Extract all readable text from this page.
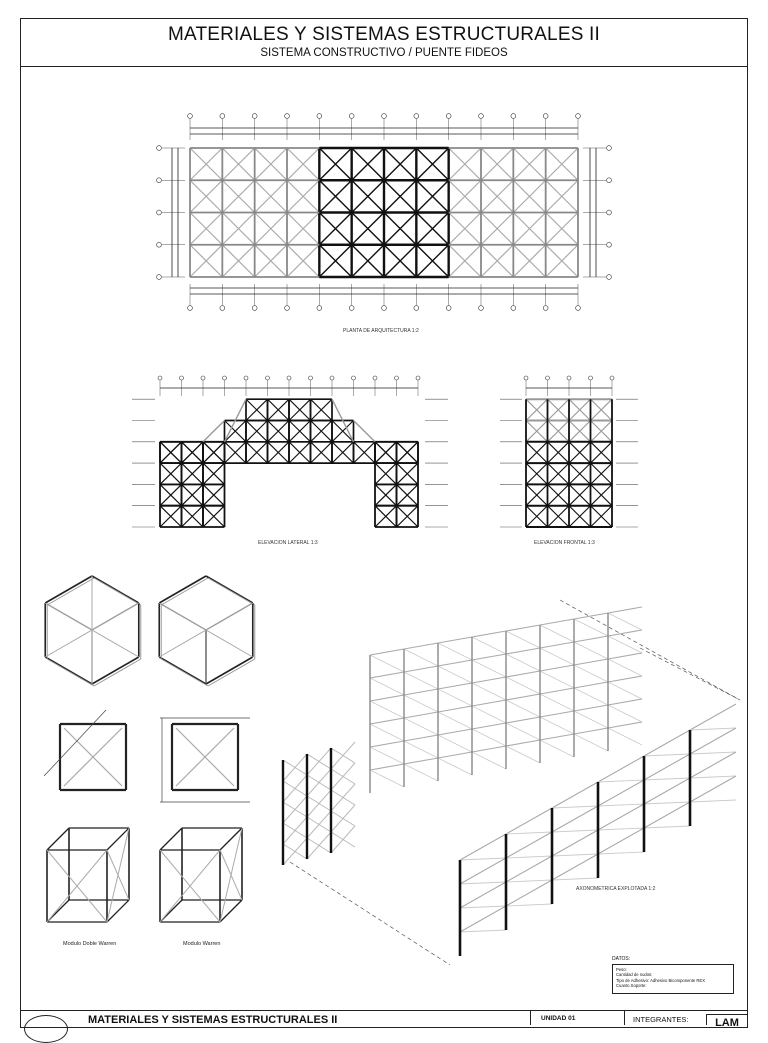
MATERIALES Y SISTEMAS ESTRUCTURALES II
SISTEMA CONSTRUCTIVO / PUENTE FIDEOS
PLANTA DE ARQUITECTURA 1:2
ELEVACION LATERAL 1:3	ELEVACION FRONTAL 1:3
Modulo Doble Warren	Modulo Warren
AXONOMETRICA EXPLOTADA 1:2
DATOS:
Peso:
Cantidad de nudos:
Tipo de Adhesivo: Adhesivo Bicomponente REX
Cuanto Soporte:
MATERIALES Y SISTEMAS ESTRUCTURALES II	UNIDAD 01	INTEGRANTES:	LAM
